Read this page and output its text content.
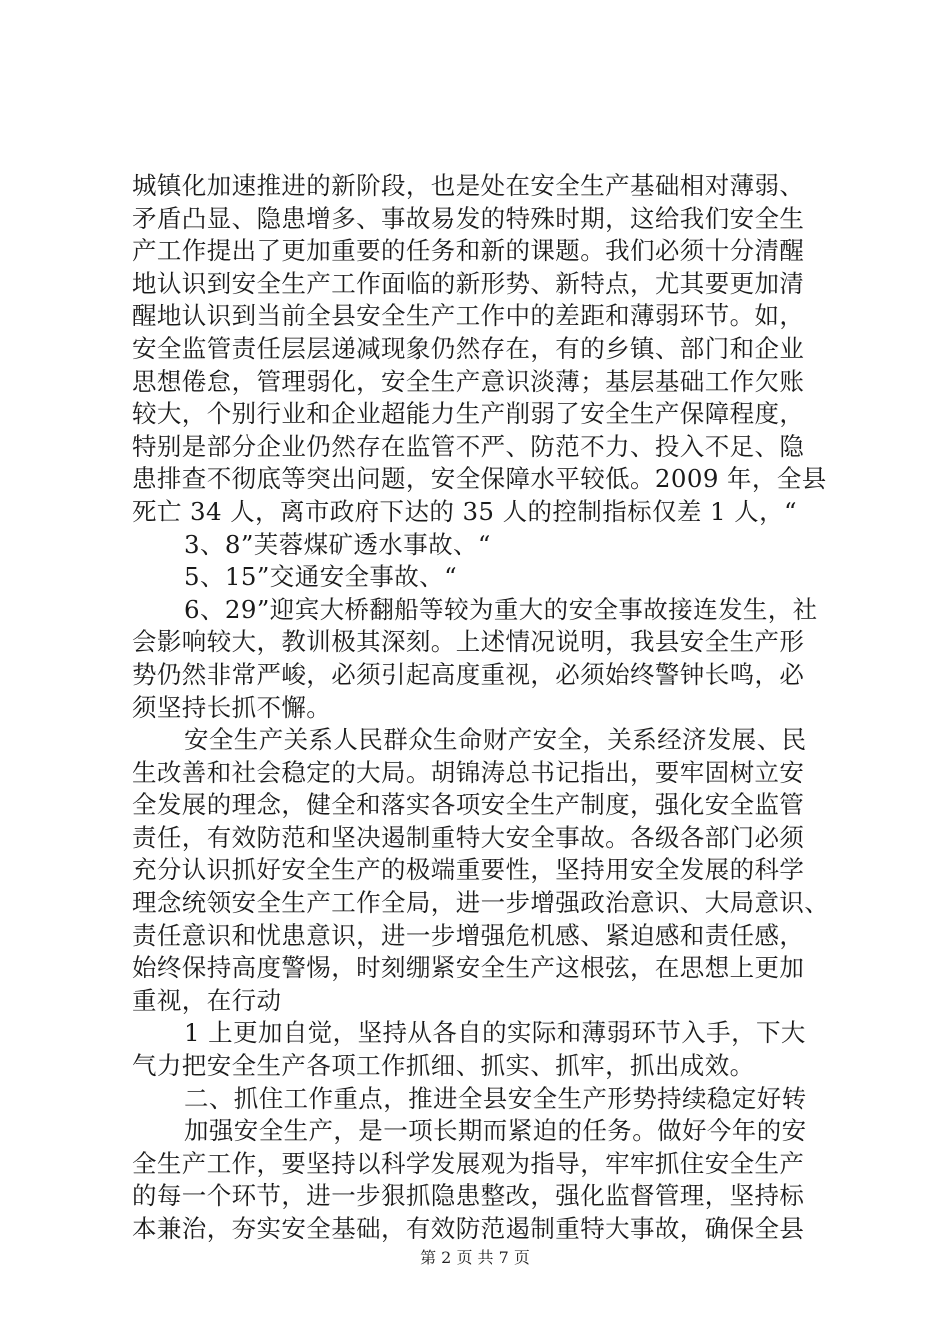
城镇化加速推进的新阶段，也是处在安全生产基础相对薄弱、
矛盾凸显、隐患增多、事故易发的特殊时期，这给我们安全生
产工作提出了更加重要的任务和新的课题。我们必须十分清醒
地认识到安全生产工作面临的新形势、新特点，尤其要更加清
醒地认识到当前全县安全生产工作中的差距和薄弱环节。如，
安全监管责任层层递减现象仍然存在，有的乡镇、部门和企业
思想倦怠，管理弱化，安全生产意识淡薄；基层基础工作欠账
较大，个别行业和企业超能力生产削弱了安全生产保障程度，
特别是部分企业仍然存在监管不严、防范不力、投入不足、隐
患排查不彻底等突出问题，安全保障水平较低。2009 年，全县
死亡 34 人，离市政府下达的 35 人的控制指标仅差 1 人，“
3、8”芙蓉煤矿透水事故、“
5、15”交通安全事故、“
6、29”迎宾大桥翻船等较为重大的安全事故接连发生，社
会影响较大，教训极其深刻。上述情况说明，我县安全生产形
势仍然非常严峻，必须引起高度重视，必须始终警钟长鸣，必
须坚持长抓不懈。
安全生产关系人民群众生命财产安全，关系经济发展、民
生改善和社会稳定的大局。胡锦涛总书记指出，要牢固树立安
全发展的理念，健全和落实各项安全生产制度，强化安全监管
责任，有效防范和坚决遏制重特大安全事故。各级各部门必须
充分认识抓好安全生产的极端重要性，坚持用安全发展的科学
理念统领安全生产工作全局，进一步增强政治意识、大局意识、
责任意识和忧患意识，进一步增强危机感、紧迫感和责任感，
始终保持高度警惕，时刻绷紧安全生产这根弦，在思想上更加
重视，在行动
1 上更加自觉，坚持从各自的实际和薄弱环节入手，下大
气力把安全生产各项工作抓细、抓实、抓牢，抓出成效。
二、抓住工作重点，推进全县安全生产形势持续稳定好转
加强安全生产，是一项长期而紧迫的任务。做好今年的安
全生产工作，要坚持以科学发展观为指导，牢牢抓住安全生产
的每一个环节，进一步狠抓隐患整改，强化监督管理，坚持标
本兼治，夯实安全基础，有效防范遏制重特大事故，确保全县
第 2 页 共 7 页
